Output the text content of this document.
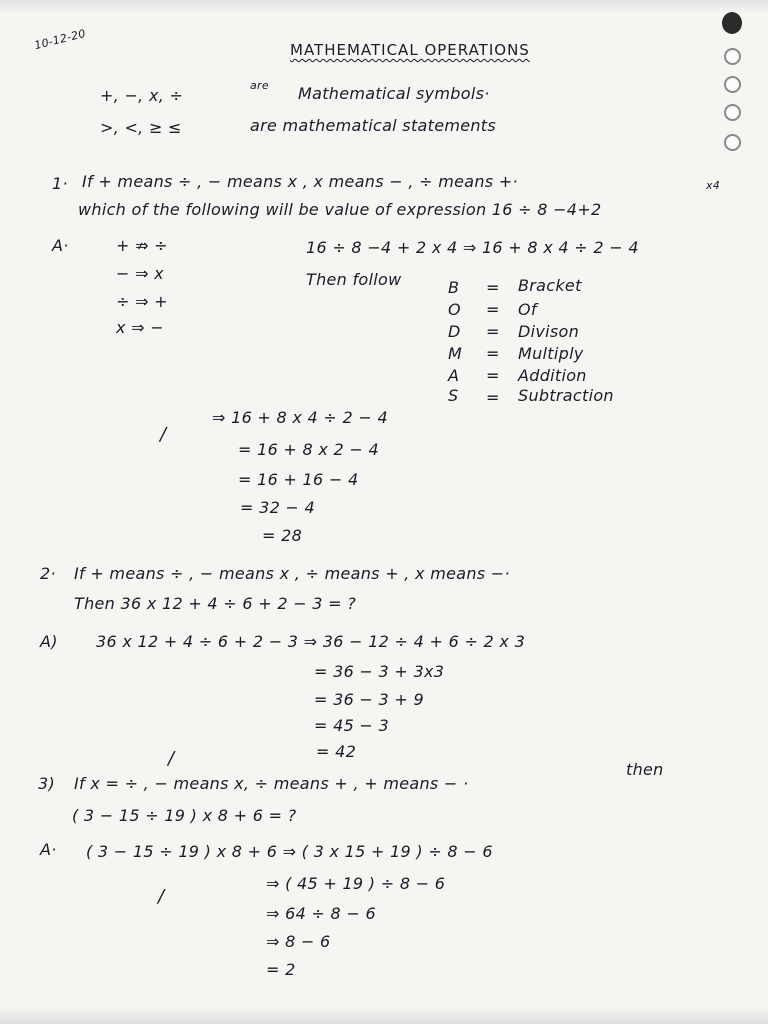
10-12-20	MATHEMATICAL OPERATIONS
+, −, x, ÷
are Mathematical symbols·
>, <, ≥ ≤	are mathematical statements
1· If + means ÷ , − means x , x means − , ÷ means +·	x4
which of the following will be value of expression 16 ÷ 8 −4+2
A·	+ ⇏ ÷
− ⇒ x
÷ ⇒ +
x ⇒ −
16 ÷ 8 −4 + 2 x 4 ⇒ 16 + 8 x 4 ÷ 2 − 4
Then follow	B = Bracket
O = Of
D = Divison
M = Multiply
A = Addition
S = Subtraction
⇒ 16 + 8 x 4 ÷ 2 − 4
/
= 16 + 8 x 2 − 4
= 16 + 16 − 4
= 32 − 4
= 28
2· If + means ÷ , − means x , ÷ means + , x means −·
Then 36 x 12 + 4 ÷ 6 + 2 − 3 = ?
A) 36 x 12 + 4 ÷ 6 + 2 − 3 ⇒ 36 − 12 ÷ 4 + 6 ÷ 2 x 3
= 36 − 3 + 3x3
= 36 − 3 + 9
= 45 − 3
/	= 42
3) If x = ÷ , − means x, ÷ means + , + means − ·
then
( 3 − 15 ÷ 19 ) x 8 + 6 = ?
A· ( 3 − 15 ÷ 19 ) x 8 + 6 ⇒ ( 3 x 15 + 19 ) ÷ 8 − 6
⇒ ( 45 + 19 ) ÷ 8 − 6
/
⇒ 64 ÷ 8 − 6
⇒ 8 − 6
= 2
